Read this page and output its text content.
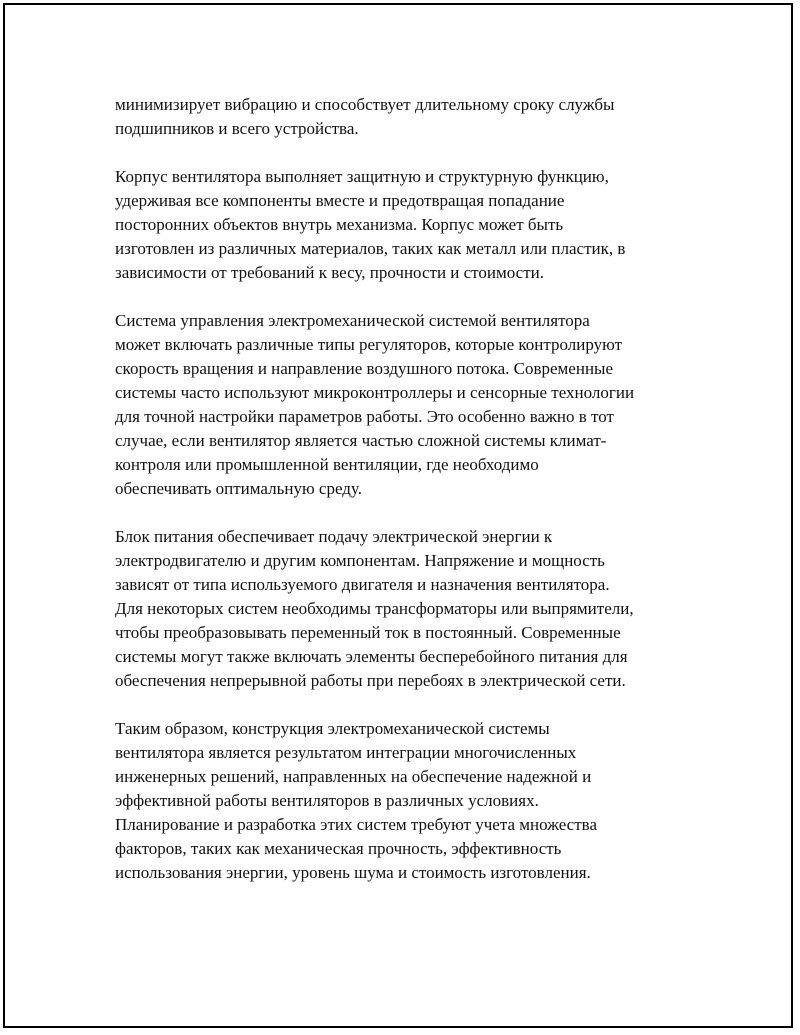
минимизирует вибрацию и способствует длительному сроку службы
подшипников и всего устройства.

Корпус вентилятора выполняет защитную и структурную функцию,
удерживая все компоненты вместе и предотвращая попадание
посторонних объектов внутрь механизма. Корпус может быть
изготовлен из различных материалов, таких как металл или пластик, в
зависимости от требований к весу, прочности и стоимости.

Система управления электромеханической системой вентилятора
может включать различные типы регуляторов, которые контролируют
скорость вращения и направление воздушного потока. Современные
системы часто используют микроконтроллеры и сенсорные технологии
для точной настройки параметров работы. Это особенно важно в тот
случае, если вентилятор является частью сложной системы климат-
контроля или промышленной вентиляции, где необходимо
обеспечивать оптимальную среду.

Блок питания обеспечивает подачу электрической энергии к
электродвигателю и другим компонентам. Напряжение и мощность
зависят от типа используемого двигателя и назначения вентилятора.
Для некоторых систем необходимы трансформаторы или выпрямители,
чтобы преобразовывать переменный ток в постоянный. Современные
системы могут также включать элементы бесперебойного питания для
обеспечения непрерывной работы при перебоях в электрической сети.

Таким образом, конструкция электромеханической системы
вентилятора является результатом интеграции многочисленных
инженерных решений, направленных на обеспечение надежной и
эффективной работы вентиляторов в различных условиях.
Планирование и разработка этих систем требуют учета множества
факторов, таких как механическая прочность, эффективность
использования энергии, уровень шума и стоимость изготовления.
